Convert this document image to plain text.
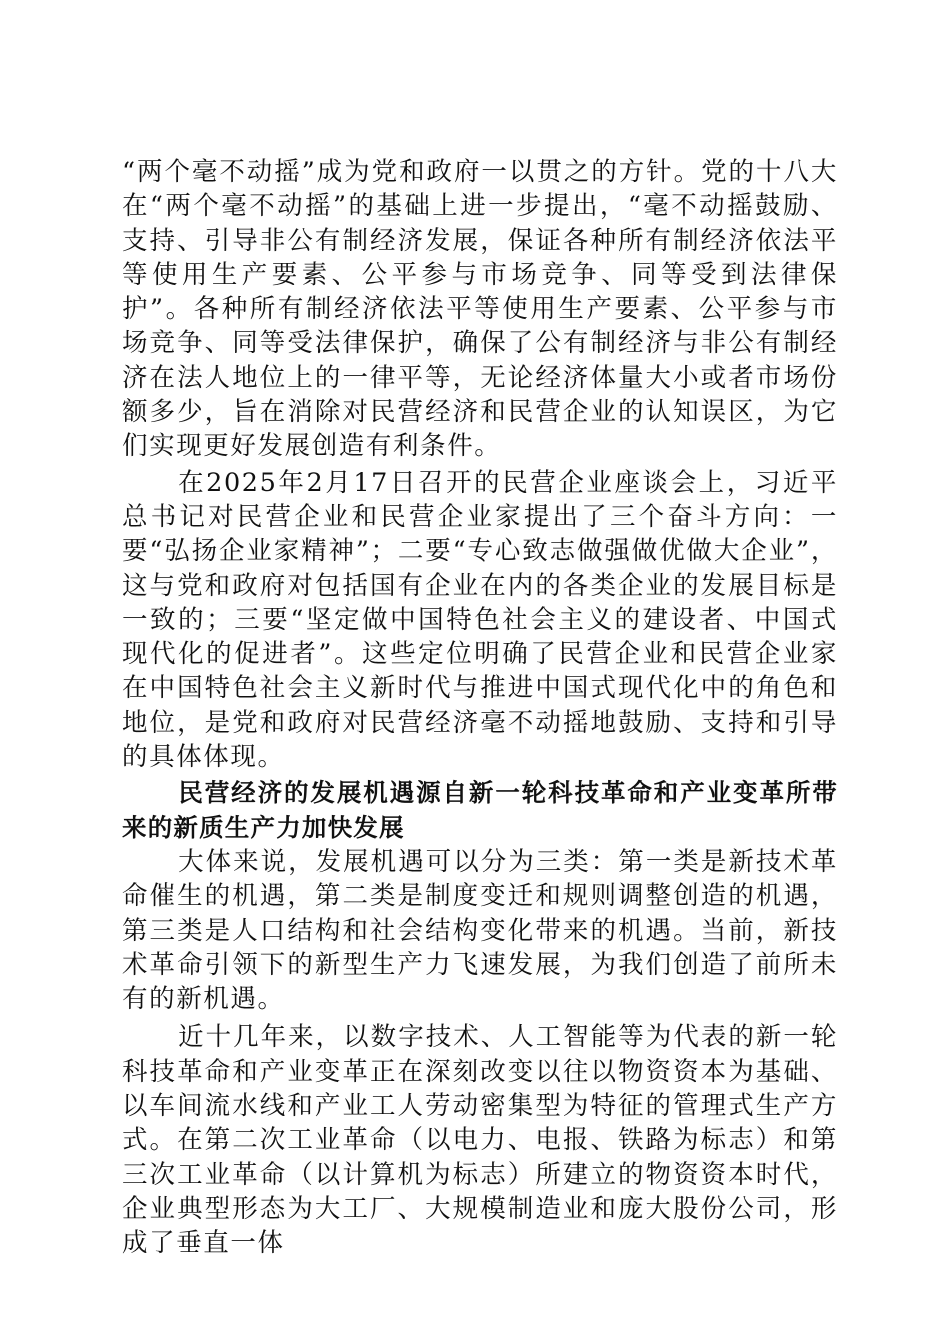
“两个毫不动摇”成为党和政府一以贯之的方针。党的十八大在“两个毫不动摇”的基础上进一步提出，“毫不动摇鼓励、支持、引导非公有制经济发展，保证各种所有制经济依法平等使用生产要素、公平参与市场竞争、同等受到法律保护”。各种所有制经济依法平等使用生产要素、公平参与市场竞争、同等受法律保护，确保了公有制经济与非公有制经济在法人地位上的一律平等，无论经济体量大小或者市场份额多少，旨在消除对民营经济和民营企业的认知误区，为它们实现更好发展创造有利条件。

在2025年2月17日召开的民营企业座谈会上，习近平总书记对民营企业和民营企业家提出了三个奋斗方向：一要“弘扬企业家精神”；二要“专心致志做强做优做大企业”，这与党和政府对包括国有企业在内的各类企业的发展目标是一致的；三要“坚定做中国特色社会主义的建设者、中国式现代化的促进者”。这些定位明确了民营企业和民营企业家在中国特色社会主义新时代与推进中国式现代化中的角色和地位，是党和政府对民营经济毫不动摇地鼓励、支持和引导的具体体现。

民营经济的发展机遇源自新一轮科技革命和产业变革所带来的新质生产力加快发展

大体来说，发展机遇可以分为三类：第一类是新技术革命催生的机遇，第二类是制度变迁和规则调整创造的机遇，第三类是人口结构和社会结构变化带来的机遇。当前，新技术革命引领下的新型生产力飞速发展，为我们创造了前所未有的新机遇。

近十几年来，以数字技术、人工智能等为代表的新一轮科技革命和产业变革正在深刻改变以往以物资资本为基础、以车间流水线和产业工人劳动密集型为特征的管理式生产方式。在第二次工业革命（以电力、电报、铁路为标志）和第三次工业革命（以计算机为标志）所建立的物资资本时代，企业典型形态为大工厂、大规模制造业和庞大股份公司，形成了垂直一体
